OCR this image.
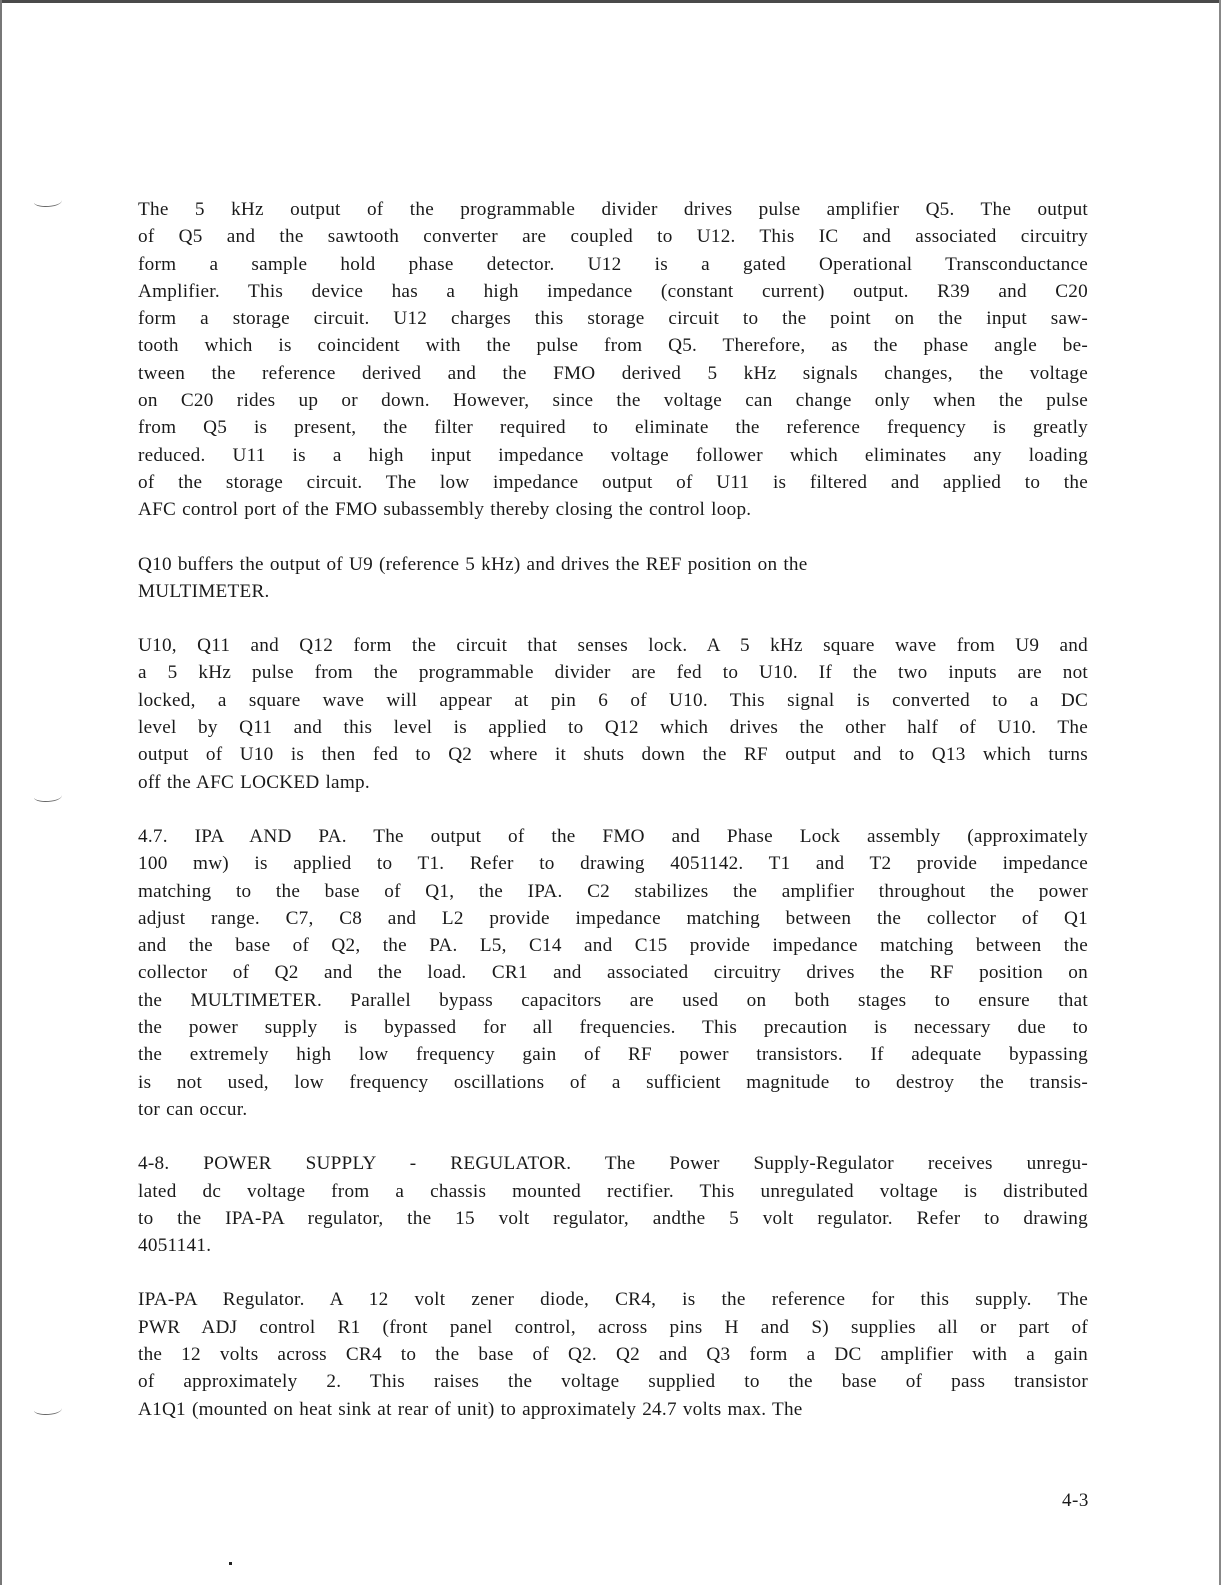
The 5 kHz output of the programmable divider drives pulse amplifier Q5. The output
of Q5 and the sawtooth converter are coupled to U12. This IC and associated circuitry
form a sample hold phase detector. U12 is a gated Operational Transconductance
Amplifier. This device has a high impedance (constant current) output. R39 and C20
form a storage circuit. U12 charges this storage circuit to the point on the input saw-
tooth which is coincident with the pulse from Q5. Therefore, as the phase angle be-
tween the reference derived and the FMO derived 5 kHz signals changes, the voltage
on C20 rides up or down. However, since the voltage can change only when the pulse
from Q5 is present, the filter required to eliminate the reference frequency is greatly
reduced. U11 is a high input impedance voltage follower which eliminates any loading
of the storage circuit. The low impedance output of U11 is filtered and applied to the
AFC control port of the FMO subassembly thereby closing the control loop.

Q10 buffers the output of U9 (reference 5 kHz) and drives the REF position on the
MULTIMETER.

U10, Q11 and Q12 form the circuit that senses lock. A 5 kHz square wave from U9 and
a 5 kHz pulse from the programmable divider are fed to U10. If the two inputs are not
locked, a square wave will appear at pin 6 of U10. This signal is converted to a DC
level by Q11 and this level is applied to Q12 which drives the other half of U10. The
output of U10 is then fed to Q2 where it shuts down the RF output and to Q13 which turns
off the AFC LOCKED lamp.

4.7. IPA AND PA. The output of the FMO and Phase Lock assembly (approximately
100 mw) is applied to T1. Refer to drawing 4051142. T1 and T2 provide impedance
matching to the base of Q1, the IPA. C2 stabilizes the amplifier throughout the power
adjust range. C7, C8 and L2 provide impedance matching between the collector of Q1
and the base of Q2, the PA. L5, C14 and C15 provide impedance matching between the
collector of Q2 and the load. CR1 and associated circuitry drives the RF position on
the MULTIMETER. Parallel bypass capacitors are used on both stages to ensure that
the power supply is bypassed for all frequencies. This precaution is necessary due to
the extremely high low frequency gain of RF power transistors. If adequate bypassing
is not used, low frequency oscillations of a sufficient magnitude to destroy the transis-
tor can occur.

4-8. POWER SUPPLY - REGULATOR. The Power Supply-Regulator receives unregu-
lated dc voltage from a chassis mounted rectifier. This unregulated voltage is distributed
to the IPA-PA regulator, the 15 volt regulator, andthe 5 volt regulator. Refer to drawing
4051141.

IPA-PA Regulator. A 12 volt zener diode, CR4, is the reference for this supply. The
PWR ADJ control R1 (front panel control, across pins H and S) supplies all or part of
the 12 volts across CR4 to the base of Q2. Q2 and Q3 form a DC amplifier with a gain
of approximately 2. This raises the voltage supplied to the base of pass transistor
A1Q1 (mounted on heat sink at rear of unit) to approximately 24.7 volts max. The

4-3
